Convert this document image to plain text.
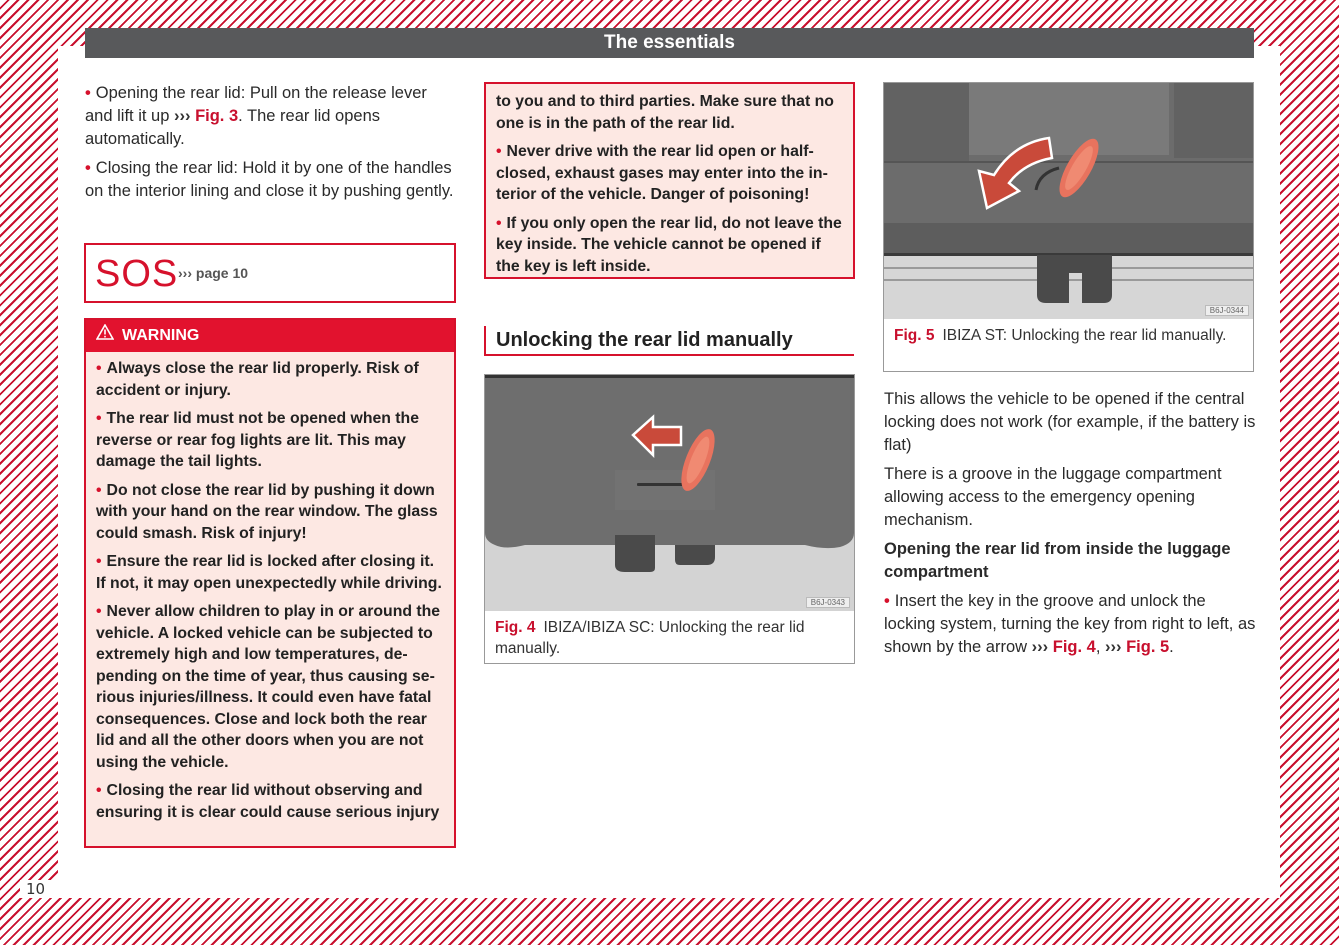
10
The essentials

• Opening the rear lid: Pull on the release lever and lift it up ››› Fig. 3. The rear lid opens automatically.

• Closing the rear lid: Hold it by one of the handles on the interior lining and close it by pushing gently.

SOS ››› page 10
WARNING

• Always close the rear lid properly. Risk of accident or injury.

• The rear lid must not be opened when the reverse or rear fog lights are lit. This may damage the tail lights.

• Do not close the rear lid by pushing it down with your hand on the rear window. The glass could smash. Risk of injury!

• Ensure the rear lid is locked after closing it. If not, it may open unexpectedly while driving.

• Never allow children to play in or around the vehicle. A locked vehicle can be subjected to extremely high and low temperatures, depending on the time of year, thus causing serious injuries/illness. It could even have fatal consequences. Close and lock both the rear lid and all the other doors when you are not using the vehicle.

• Closing the rear lid without observing and ensuring it is clear could cause serious injury

to you and to third parties. Make sure that no one is in the path of the rear lid.

• Never drive with the rear lid open or half-closed, exhaust gases may enter into the interior of the vehicle. Danger of poisoning!

• If you only open the rear lid, do not leave the key inside. The vehicle cannot be opened if the key is left inside.

Unlocking the rear lid manually
B6J-0343
Fig. 4 IBIZA/IBIZA SC: Unlocking the rear lid manually.
B6J-0344
Fig. 5 IBIZA ST: Unlocking the rear lid manually.

This allows the vehicle to be opened if the central locking does not work (for example, if the battery is flat)

There is a groove in the luggage compartment allowing access to the emergency opening mechanism.

Opening the rear lid from inside the luggage compartment

• Insert the key in the groove and unlock the locking system, turning the key from right to left, as shown by the arrow ››› Fig. 4, ››› Fig. 5.
